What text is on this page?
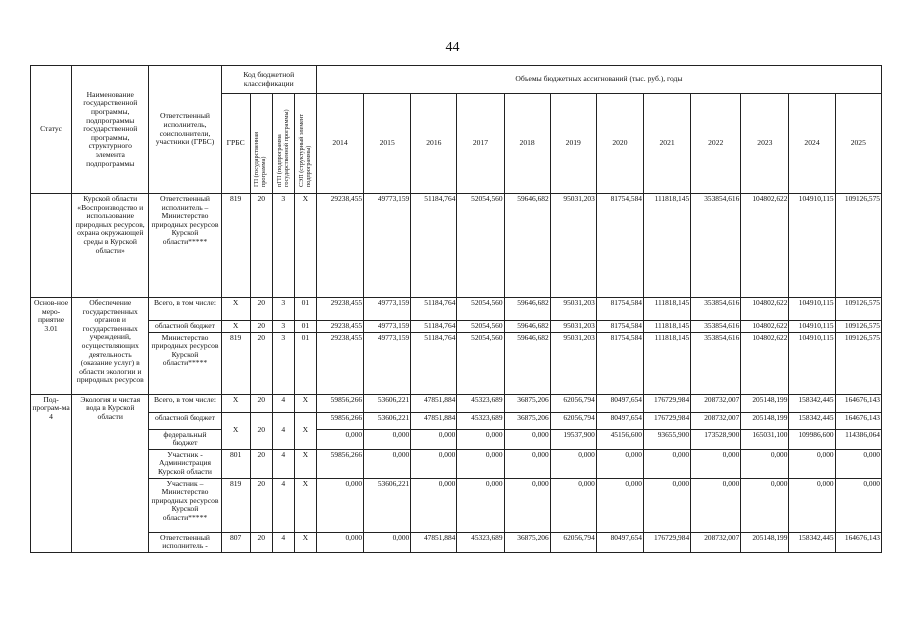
44
Статус	Наименование государственной программы, подпрограммы государственной программы, структурного элемента подпрограммы	Ответственный исполнитель, соисполнители, участники (ГРБС)	Код бюджетной классификации				Объемы бюджетных ассигнований (тыс. руб.), годы											
			ГРБС	ГП (государственная программа)	пГП (подпрограмма государственной программы)	СЭП (структурный элемент подпрограммы)	2014	2015	2016	2017	2018	2019	2020	2021	2022	2023	2024	2025
	Курской области «Воспроизводство и использование природных ресурсов, охрана окружающей среды в Курской области»	Ответственный исполнитель – Министерство природных ресурсов Курской области*****	819	20	3	Х	29238,455	49773,159	51184,764	52054,560	59646,682	95031,203	81754,584	111818,145	353854,616	104802,622	104910,115	109126,575
Основ-ное меро-приятие 3.01	Обеспечение государственных органов и государственных учреждений, осуществляющих деятельность (оказание услуг) в области экологии и природных ресурсов	Всего, в том числе:	Х	20	3	01	29238,455	49773,159	51184,764	52054,560	59646,682	95031,203	81754,584	111818,145	353854,616	104802,622	104910,115	109126,575
		областной бюджет	Х	20	3	01	29238,455	49773,159	51184,764	52054,560	59646,682	95031,203	81754,584	111818,145	353854,616	104802,622	104910,115	109126,575
		Министерство природных ресурсов Курской области*****	819	20	3	01	29238,455	49773,159	51184,764	52054,560	59646,682	95031,203	81754,584	111818,145	353854,616	104802,622	104910,115	109126,575
Под-програм-ма 4	Экология и чистая вода в Курской области	Всего, в том числе:	Х	20	4	Х	59856,266	53606,221	47851,884	45323,689	36875,206	62056,794	80497,654	176729,984	208732,007	205148,199	158342,445	164676,143
		областной бюджет	Х	20	4	Х	59856,266	53606,221	47851,884	45323,689	36875,206	62056,794	80497,654	176729,984	208732,007	205148,199	158342,445	164676,143
		федеральный бюджет					0,000	0,000	0,000	0,000	0,000	19537,900	45156,600	93655,900	173528,900	165031,100	109986,600	114386,064
		Участник - Администрация Курской области	801	20	4	Х	59856,266	0,000	0,000	0,000	0,000	0,000	0,000	0,000	0,000	0,000	0,000	0,000
		Участник – Министерство природных ресурсов Курской области*****	819	20	4	Х	0,000	53606,221	0,000	0,000	0,000	0,000	0,000	0,000	0,000	0,000	0,000	0,000
		Ответственный исполнитель -	807	20	4	Х	0,000	0,000	47851,884	45323,689	36875,206	62056,794	80497,654	176729,984	208732,007	205148,199	158342,445	164676,143
